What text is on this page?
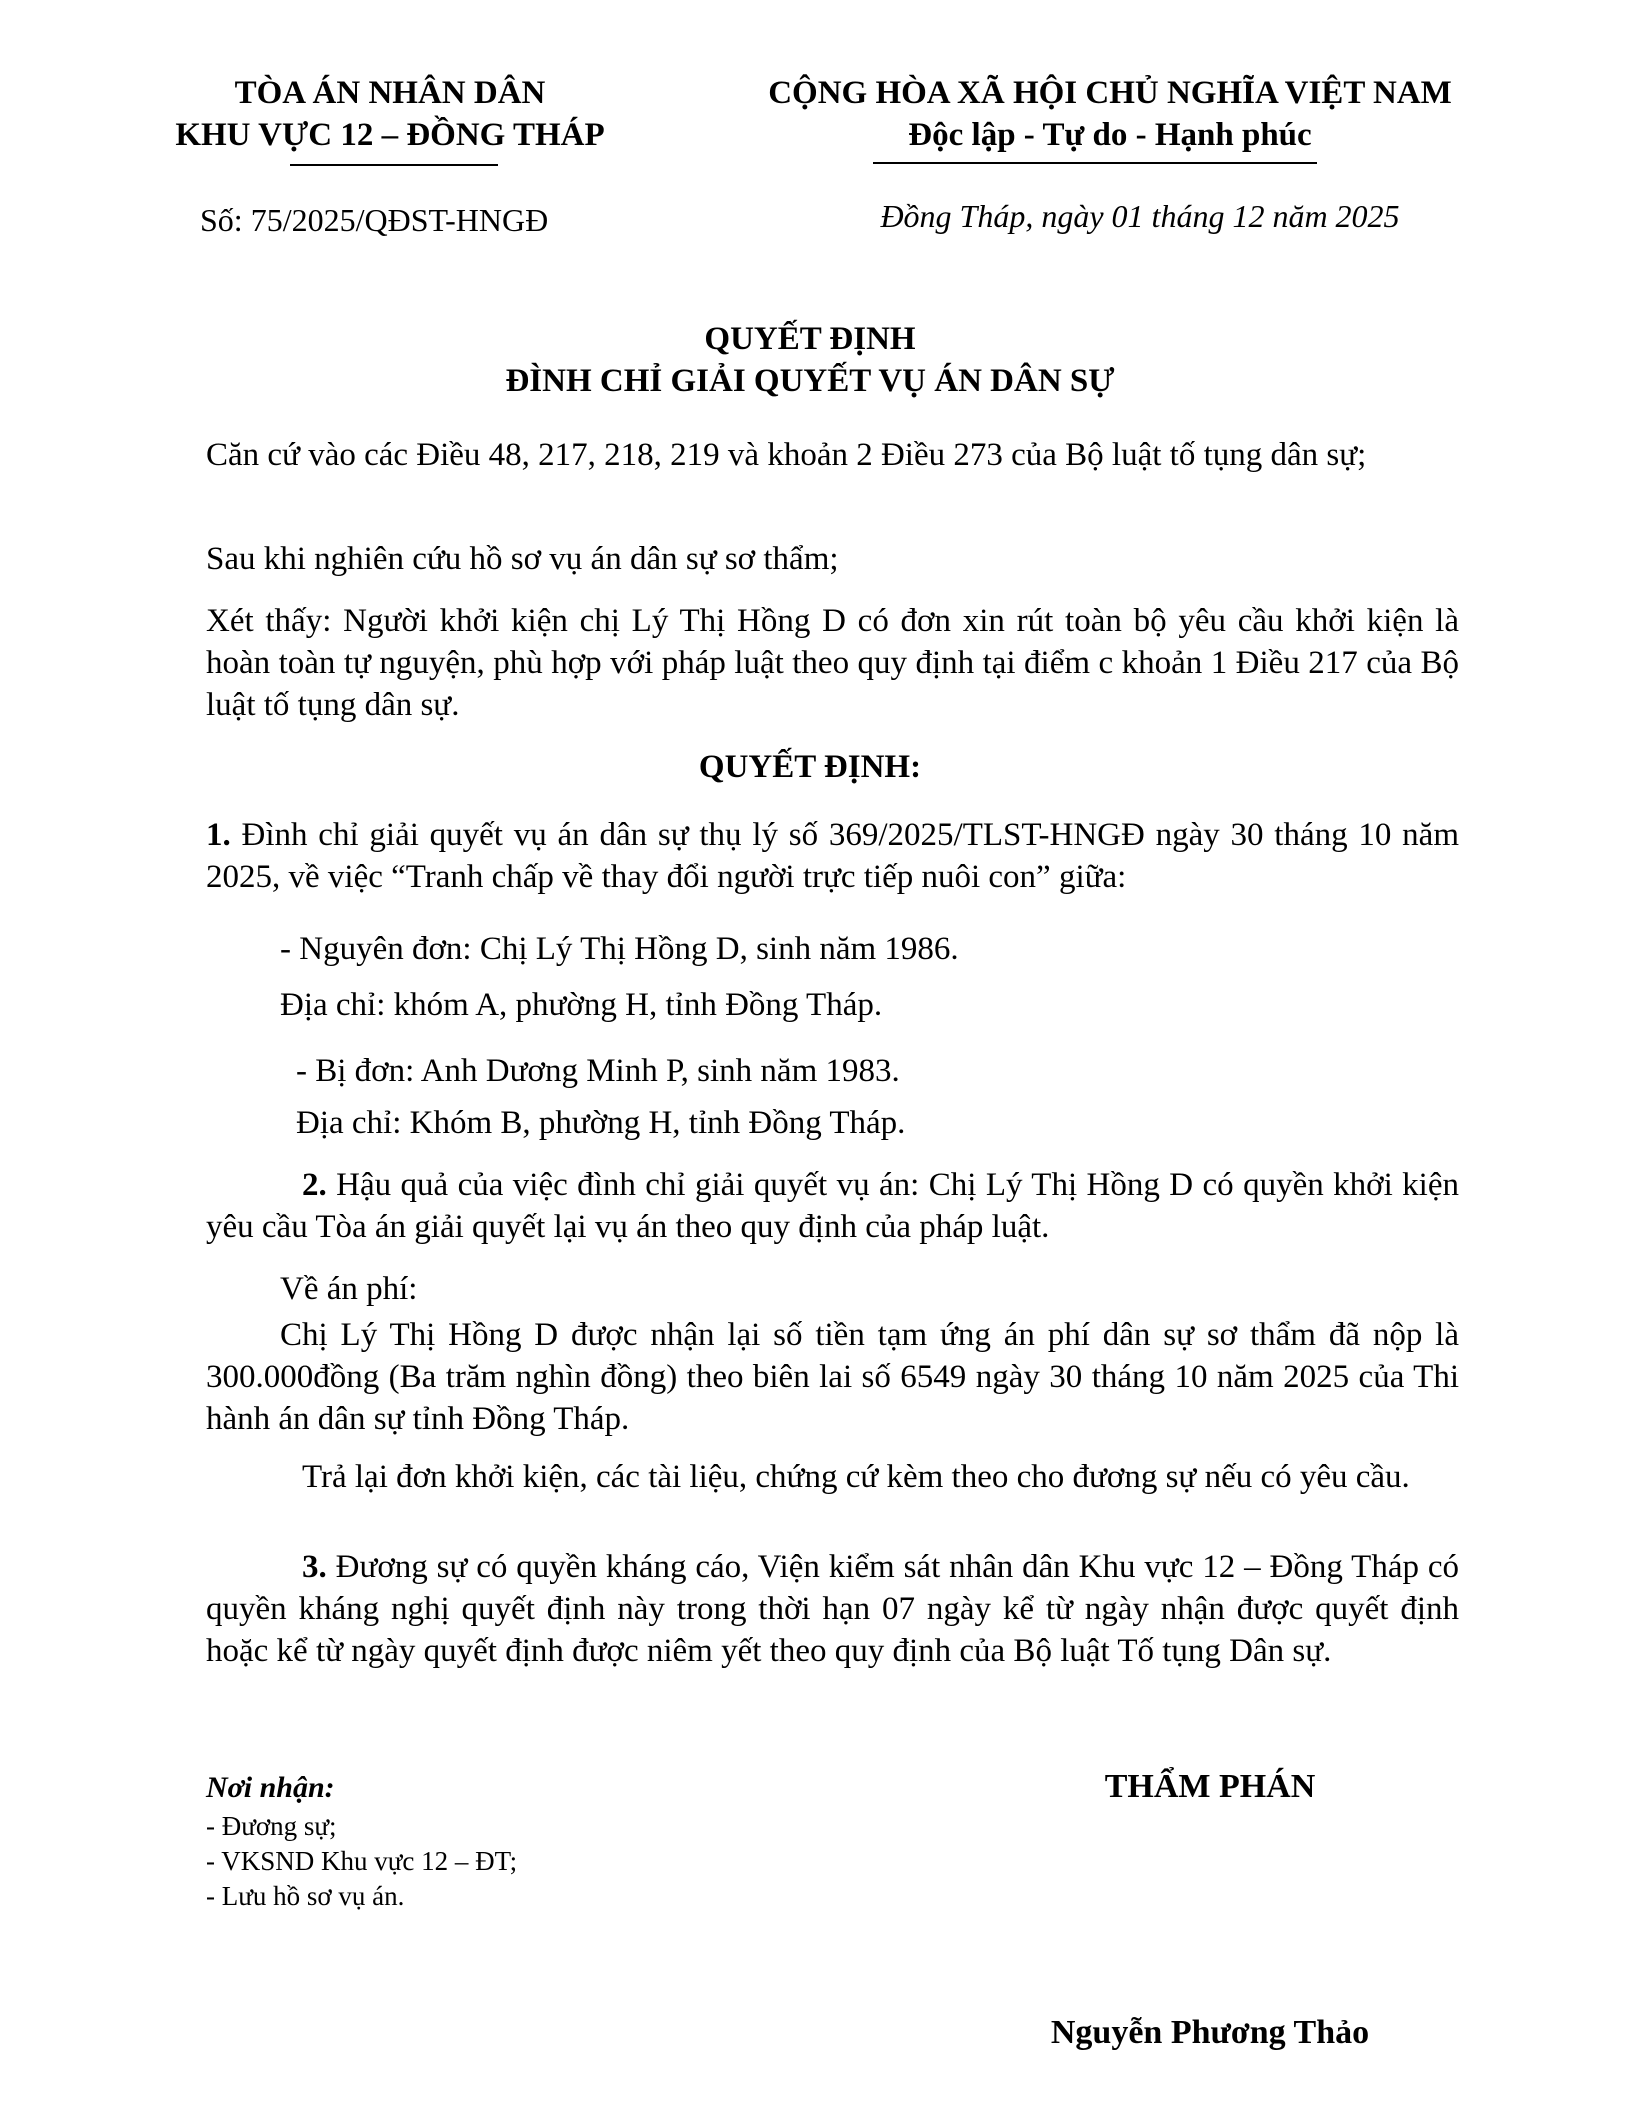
TÒA ÁN NHÂN DÂN
KHU VỰC 12 – ĐỒNG THÁP
CỘNG HÒA XÃ HỘI CHỦ NGHĨA VIỆT NAM
Độc lập - Tự do - Hạnh phúc
Số: 75/2025/QĐST-HNGĐ	Đồng Tháp, ngày 01 tháng 12 năm 2025
QUYẾT ĐỊNH
ĐÌNH CHỈ GIẢI QUYẾT VỤ ÁN DÂN SỰ
Căn cứ vào các Điều 48, 217, 218, 219 và khoản 2 Điều 273 của Bộ luật tố tụng dân sự;
Sau khi nghiên cứu hồ sơ vụ án dân sự sơ thẩm;
Xét thấy: Người khởi kiện chị Lý Thị Hồng D có đơn xin rút toàn bộ yêu cầu khởi kiện là hoàn toàn tự nguyện, phù hợp với pháp luật theo quy định tại điểm c khoản 1 Điều 217 của Bộ luật tố tụng dân sự.
QUYẾT ĐỊNH:
1. Đình chỉ giải quyết vụ án dân sự thụ lý số 369/2025/TLST-HNGĐ ngày 30 tháng 10 năm 2025, về việc “Tranh chấp về thay đổi người trực tiếp nuôi con” giữa:
- Nguyên đơn: Chị Lý Thị Hồng D, sinh năm 1986.
Địa chỉ: khóm A, phường H, tỉnh Đồng Tháp.
- Bị đơn: Anh Dương Minh P, sinh năm 1983.
Địa chỉ: Khóm B, phường H, tỉnh Đồng Tháp.
2. Hậu quả của việc đình chỉ giải quyết vụ án: Chị Lý Thị Hồng D có quyền khởi kiện yêu cầu Tòa án giải quyết lại vụ án theo quy định của pháp luật.
Về án phí:
Chị Lý Thị Hồng D được nhận lại số tiền tạm ứng án phí dân sự sơ thẩm đã nộp là 300.000đồng (Ba trăm nghìn đồng) theo biên lai số 6549 ngày 30 tháng 10 năm 2025 của Thi hành án dân sự tỉnh Đồng Tháp.
Trả lại đơn khởi kiện, các tài liệu, chứng cứ kèm theo cho đương sự nếu có yêu cầu.
3. Đương sự có quyền kháng cáo, Viện kiểm sát nhân dân Khu vực 12 – Đồng Tháp có quyền kháng nghị quyết định này trong thời hạn 07 ngày kể từ ngày nhận được quyết định hoặc kể từ ngày quyết định được niêm yết theo quy định của Bộ luật Tố tụng Dân sự.
Nơi nhận:
- Đương sự;
- VKSND Khu vực 12 – ĐT;
- Lưu hồ sơ vụ án.
THẨM PHÁN
Nguyễn Phương Thảo
